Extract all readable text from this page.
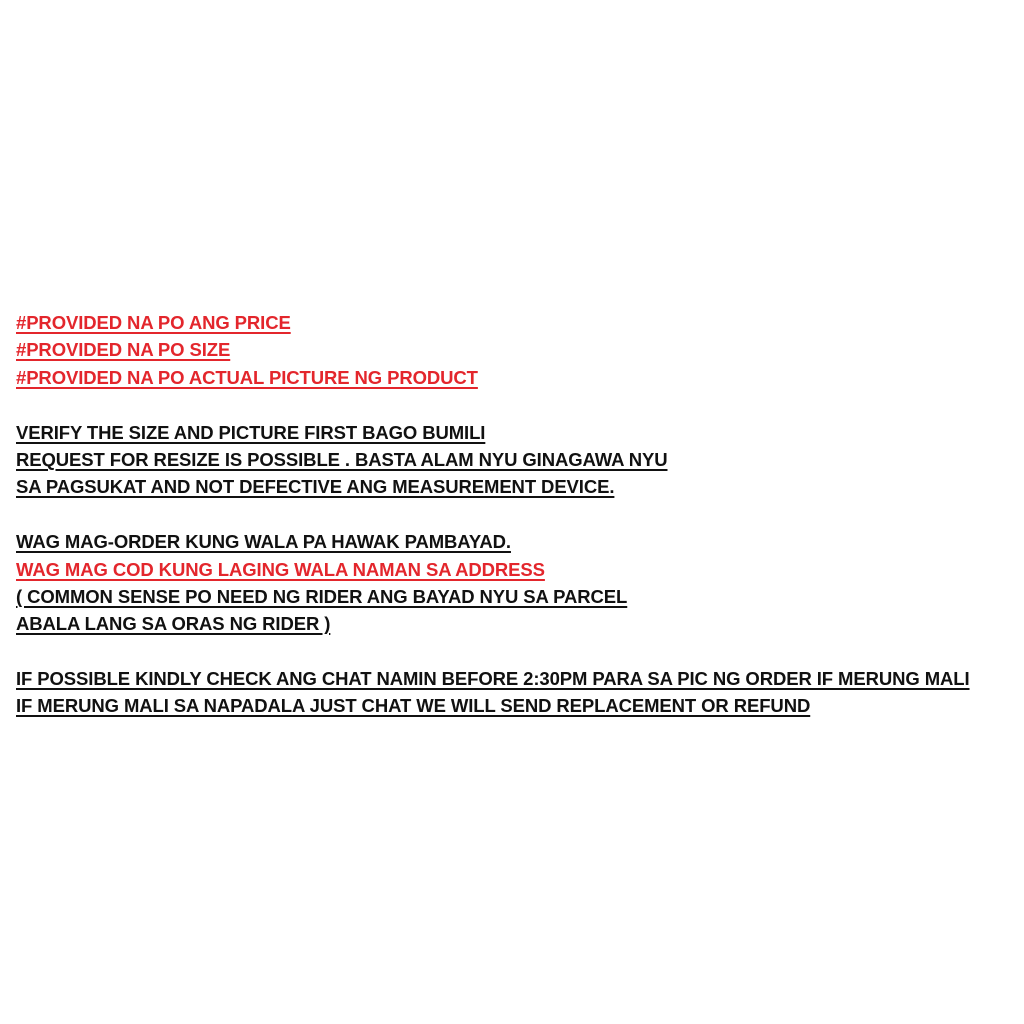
#PROVIDED NA PO ANG PRICE
#PROVIDED NA PO SIZE
#PROVIDED NA PO ACTUAL PICTURE NG PRODUCT
VERIFY THE SIZE AND PICTURE FIRST BAGO BUMILI
REQUEST FOR RESIZE IS POSSIBLE . BASTA ALAM NYU GINAGAWA NYU
SA PAGSUKAT AND NOT DEFECTIVE ANG MEASUREMENT DEVICE.
WAG MAG-ORDER KUNG WALA PA HAWAK PAMBAYAD.
WAG MAG COD KUNG LAGING WALA NAMAN SA ADDRESS
( COMMON SENSE PO NEED NG RIDER ANG BAYAD NYU SA PARCEL
ABALA LANG SA ORAS NG RIDER )
IF POSSIBLE KINDLY CHECK ANG CHAT NAMIN BEFORE 2:30PM PARA SA PIC NG ORDER IF MERUNG MALI
IF MERUNG MALI SA NAPADALA JUST CHAT WE WILL SEND REPLACEMENT OR REFUND
